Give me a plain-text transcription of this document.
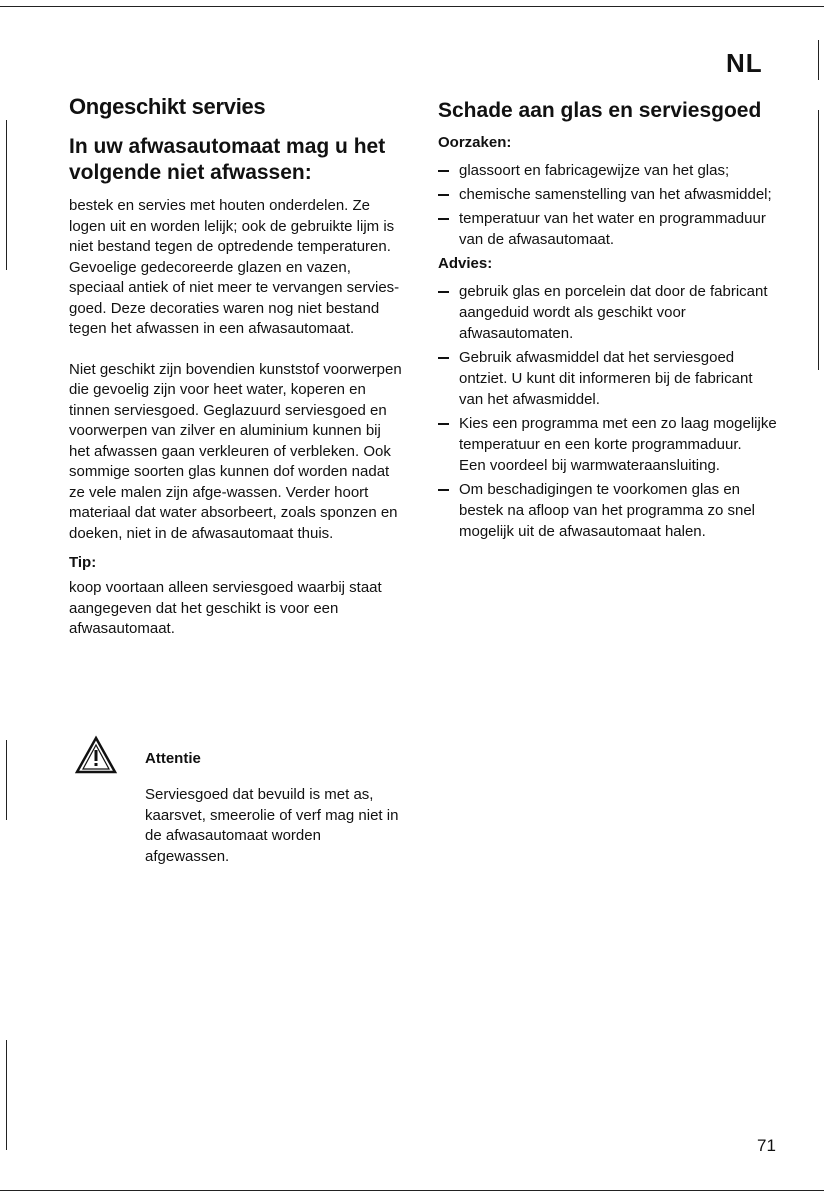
NL
Ongeschikt servies
In uw afwasautomaat mag u het volgende niet afwassen:

bestek en servies met houten onderdelen. Ze logen uit en worden lelijk; ook de gebruikte lijm is niet bestand tegen de optredende temperaturen. Gevoelige gedecoreerde glazen en vazen, speciaal antiek of niet meer te vervangen servies-goed. Deze decoraties waren nog niet bestand tegen het afwassen in een afwasautomaat.

Niet geschikt zijn bovendien kunststof voorwerpen die gevoelig zijn voor heet water, koperen en tinnen serviesgoed. Geglazuurd serviesgoed en voorwerpen van zilver en aluminium kunnen bij het afwassen gaan verkleuren of verbleken. Ook sommige soorten glas kunnen dof worden nadat ze vele malen zijn afge-wassen. Verder hoort materiaal dat water absorbeert, zoals sponzen en doeken, niet in de afwasautomaat thuis.

Tip:

koop voortaan alleen serviesgoed waarbij staat aangegeven dat het geschikt is voor een afwasautomaat.

Attentie

Serviesgoed dat bevuild is met as, kaarsvet, smeerolie of verf mag niet in de afwasautomaat worden afgewassen.

Schade aan glas en serviesgoed
Oorzaken:
glassoort en fabricagewijze van het glas;
chemische samenstelling van het afwasmiddel;
temperatuur van het water en programmaduur van de afwasautomaat.
Advies:
gebruik glas en porcelein dat door de fabricant aangeduid wordt als geschikt voor afwasautomaten.
Gebruik afwasmiddel dat het serviesgoed ontziet. U kunt dit informeren bij de fabricant van het afwasmiddel.
Kies een programma met een zo laag mogelijke temperatuur en een korte programmaduur.
Een voordeel bij warmwateraansluiting.
Om beschadigingen te voorkomen glas en bestek na afloop van het programma zo snel mogelijk uit de afwasautomaat halen.
71
